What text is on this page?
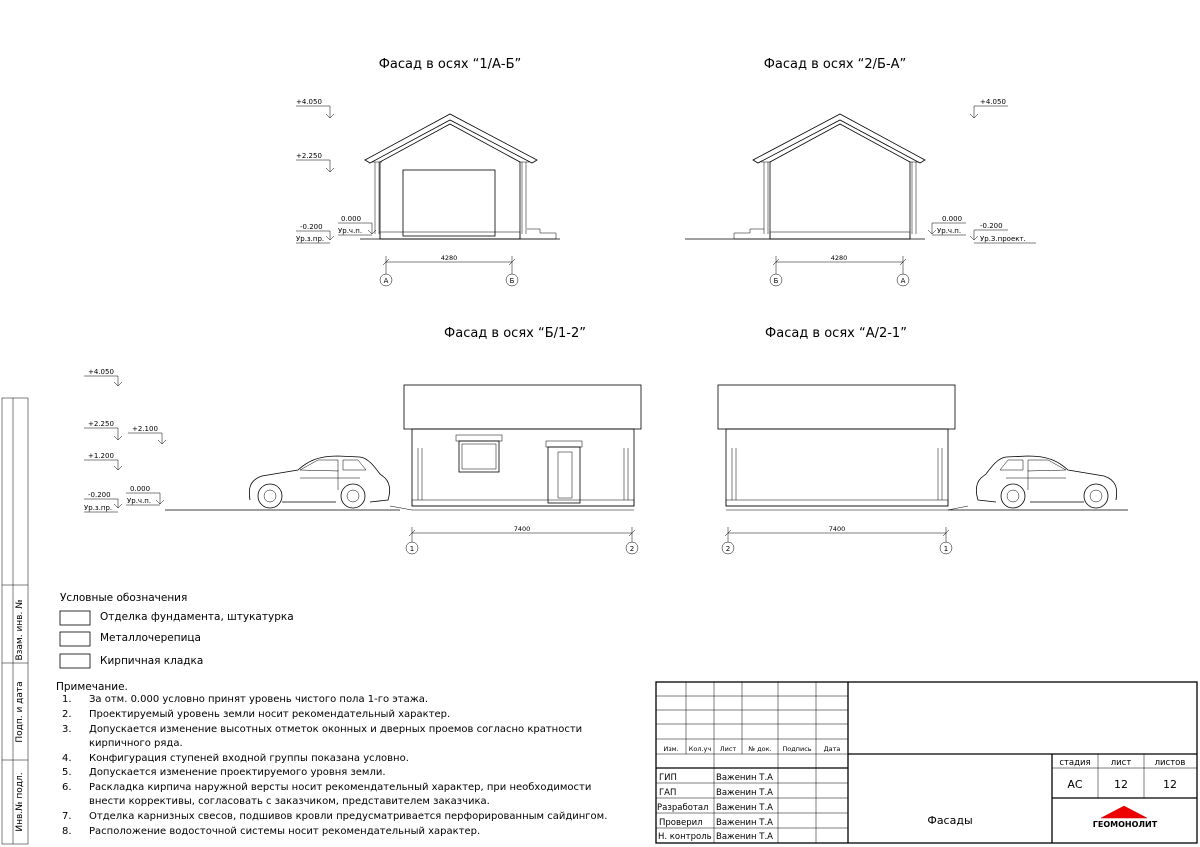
Взам. инв. №
Подп. и дата
Инв.№ подл.
Фасад в осях “1/А-Б”
+4.050
+2.250
-0.200
Ур.з.пр.
0.000
Ур.ч.п.
4280
А	Б
Фасад в осях “2/Б-А”
+4.050
0.000
Ур.ч.п.
-0.200
Ур.З.проект.
4280
Б	А
Фасад в осях “Б/1-2”
+4.050
+2.250
+2.100
+1.200
-0.200
Ур.з.пр.
0.000
Ур.ч.п.
7400
1	2
Фасад в осях “А/2-1”
7400
2	1
Изм. Кол.уч Лист № док. Подпись Дата
ГИП	Важенин Т.А
ГАП	Важенин Т.А
Разработал Важенин Т.А
Проверил Важенин Т.А
Н. контроль Важенин Т.А
стадия лист	листов
АС	12	12
Фасады	ГЕОМОНОЛИТ
Условные обозначения
Отделка фундамента, штукатурка
Металлочерепица
Кирпичная кладка
Примечание.
1. За отм. 0.000 условно принят уровень чистого пола 1-го этажа.
2. Проектируемый уровень земли носит рекомендательный характер.
3. Допускается изменение высотных отметок оконных и дверных проемов согласно кратности
кирпичного ряда.
4. Конфигурация ступеней входной группы показана условно.
5. Допускается изменение проектируемого уровня земли.
6. Раскладка кирпича наружной версты носит рекомендательный характер, при необходимости
внести коррективы, согласовать с заказчиком, представителем заказчика.
7. Отделка карнизных свесов, подшивов кровли предусматривается перфорированным сайдингом.
8. Расположение водосточной системы носит рекомендательный характер.
